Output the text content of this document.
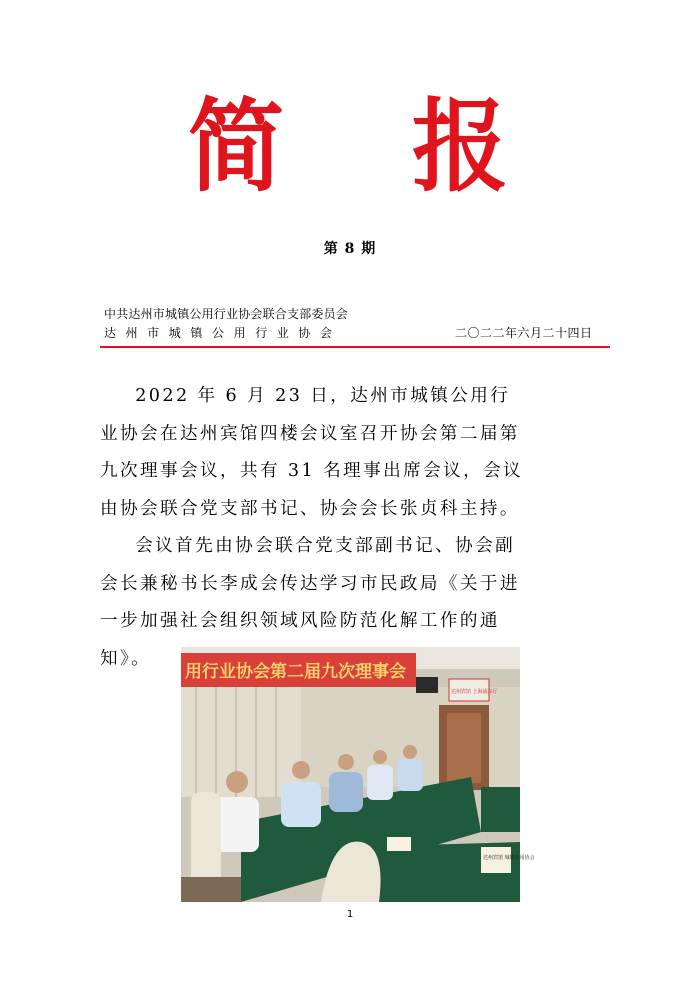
简 报
第 8 期
中共达州市城镇公用行业协会联合支部委员会
达州市城镇公用行业协会	二〇二二年六月二十四日

2022 年 6 月 23 日，达州市城镇公用行业协会在达州宾馆四楼会议室召开协会第二届第九次理事会议，共有 31 名理事出席会议，会议由协会联合党支部书记、协会会长张贞科主持。

会议首先由协会联合党支部副书记、协会副会长兼秘书长李成会传达学习市民政局《关于进一步加强社会组织领域风险防范化解工作的通知》。

用行业协会第二届九次理事会
达州宾馆 上海浦东厅
达州宾馆 城镇公用协会
1
